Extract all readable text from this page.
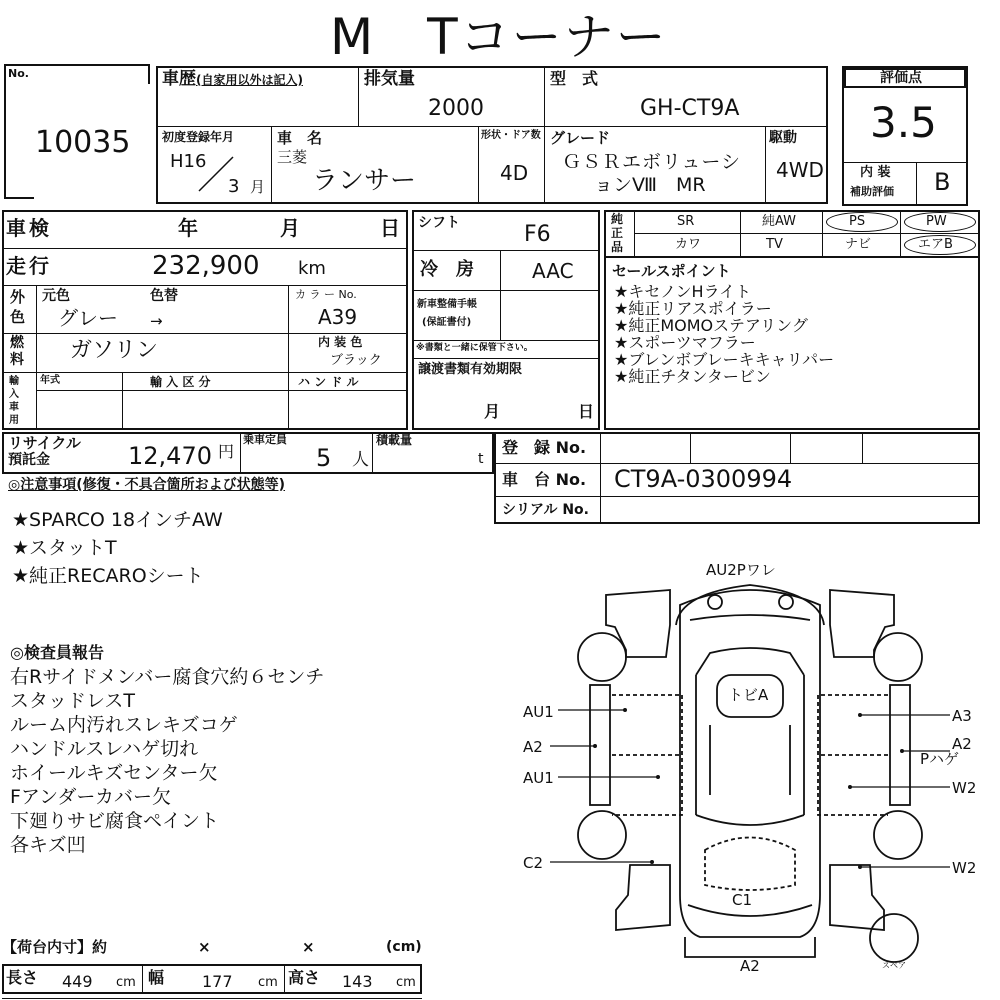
M　Tコーナー
No.
10035
車歴(自家用以外は記入)	排気量
2000
型　式
GH-CT9A
初度登録年月
H16
3 月
車　名
三菱
ランサー
形状・ドア数
4D
グレード
ＧＳＲエボリューシ
ョンⅧ　MR
駆動
4WD
評価点
3.5
内 装
補助評価 B
車検	年	月	日
走行	232,900 km
外
色
元色	色替
グレー →
カ ラ ー No.
A39
燃
料 ガソリン	内 装 色
ブラック
輸入車用
年式	輸 入 区 分	ハ ン ド ル
シフト	F6
冷　房	AAC
新車整備手帳
(保証書付)
※書類と一緒に保管下さい。
譲渡書類有効期限
月	日
純正品
SR	純AW	PS	PW
カワ	TV	ナビ	エアB
セールスポイント
★キセノンHライト
★純正リアスポイラー
★純正MOMOステアリング
★スポーツマフラー
★ブレンボブレーキキャリパー
★純正チタンタービン
リサイクル
預託金	12,470 円
乗車定員
5 人
積載量
t
登　録 No.
車　台 No. CT9A-0300994
シリアル No.
◎注意事項(修復・不具合箇所および状態等)
★SPARCO 18インチAW
★スタットT
★純正RECAROシート
◎検査員報告
右Rサイドメンバー腐食穴約６センチ
スタッドレスT
ルーム内汚れスレキズコゲ
ハンドルスレハゲ切れ
ホイールキズセンター欠
Fアンダーカバー欠
下廻りサビ腐食ペイント
各キズ凹
【荷台内寸】約	×	×	(cm)
長さ 449 cm 幅 177 cm 高さ 143 cm
AU2Pワレ
トビA
AU1
A2
AU1
C2
A3
A2
Pハゲ
W2
W2
C1
A2	スペア
